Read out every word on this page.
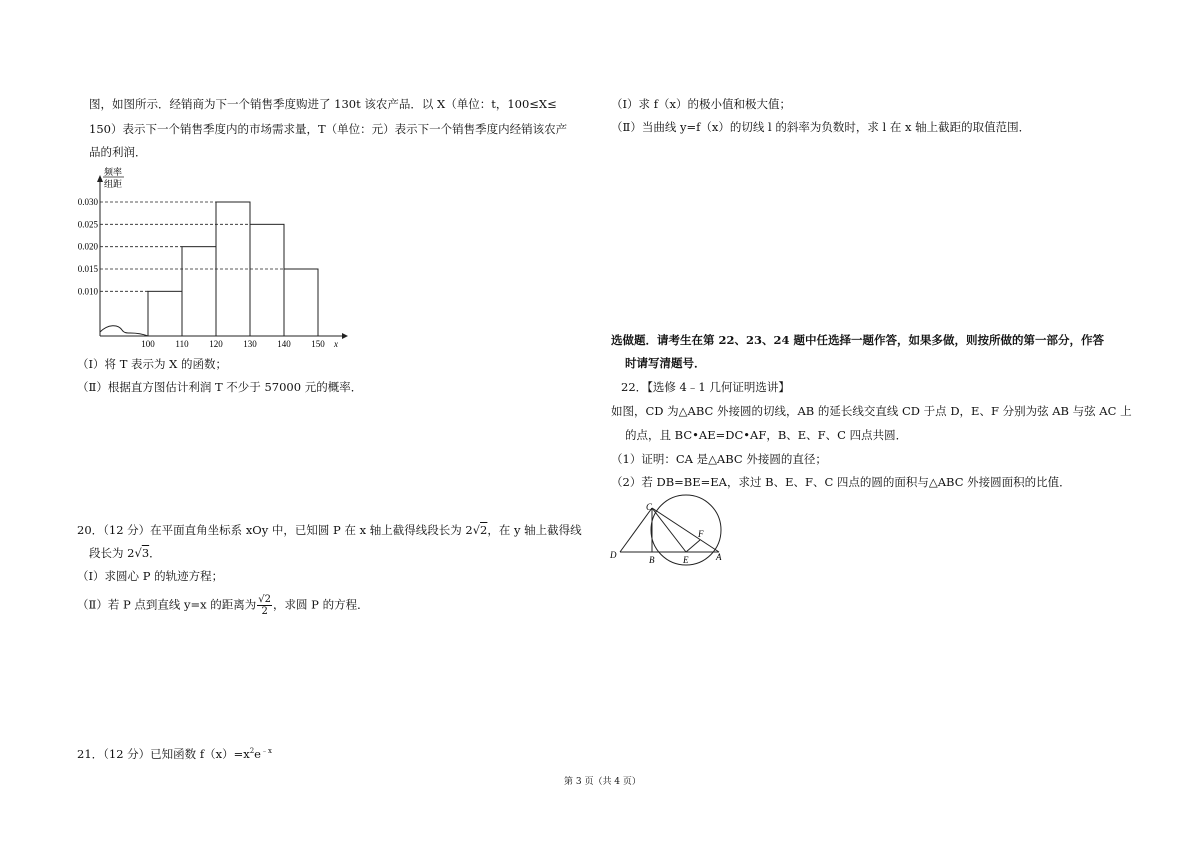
图，如图所示．经销商为下一个销售季度购进了 130t 该农产品．以 X（单位：t，100≤X≤
150）表示下一个销售季度内的市场需求量，T（单位：元）表示下一个销售季度内经销该农产
品的利润．
频率
组距
x
0.030
0.025
0.020
0.015
0.010
100 110 120 130 140 150
（Ⅰ）将 T 表示为 X 的函数；
（Ⅱ）根据直方图估计利润 T 不少于 57000 元的概率．
20．（12 分）在平面直角坐标系 xOy 中，已知圆 P 在 x 轴上截得线段长为 2√2，在 y 轴上截得线
段长为 2√3．
（Ⅰ）求圆心 P 的轨迹方程；
（Ⅱ）若 P 点到直线 y=x 的距离为 $\frac{√2}{2}$ ，求圆 P 的方程．
21．（12 分）已知函数 $f(x)=x^2e^{﹣x}$
（Ⅰ）求 f（x）的极小值和极大值；
（Ⅱ）当曲线 y=f（x）的切线 l 的斜率为负数时，求 l 在 x 轴上截距的取值范围．
选做题．请考生在第 22、23、24 题中任选择一题作答，如果多做，则按所做的第一部分，作答
时请写清题号．
22．【选修 4﹣1 几何证明选讲】
如图，CD 为△ABC 外接圆的切线，AB 的延长线交直线 CD 于点 D，E、F 分别为弦 AB 与弦 AC 上
的点，且 BC•AE=DC•AF，B、E、F、C 四点共圆．
（1）证明：CA 是△ABC 外接圆的直径；
（2）若 DB=BE=EA，求过 B、E、F、C 四点的圆的面积与△ABC 外接圆面积的比值．
C
F
D	B	E	A
第 3 页（共 4 页）
